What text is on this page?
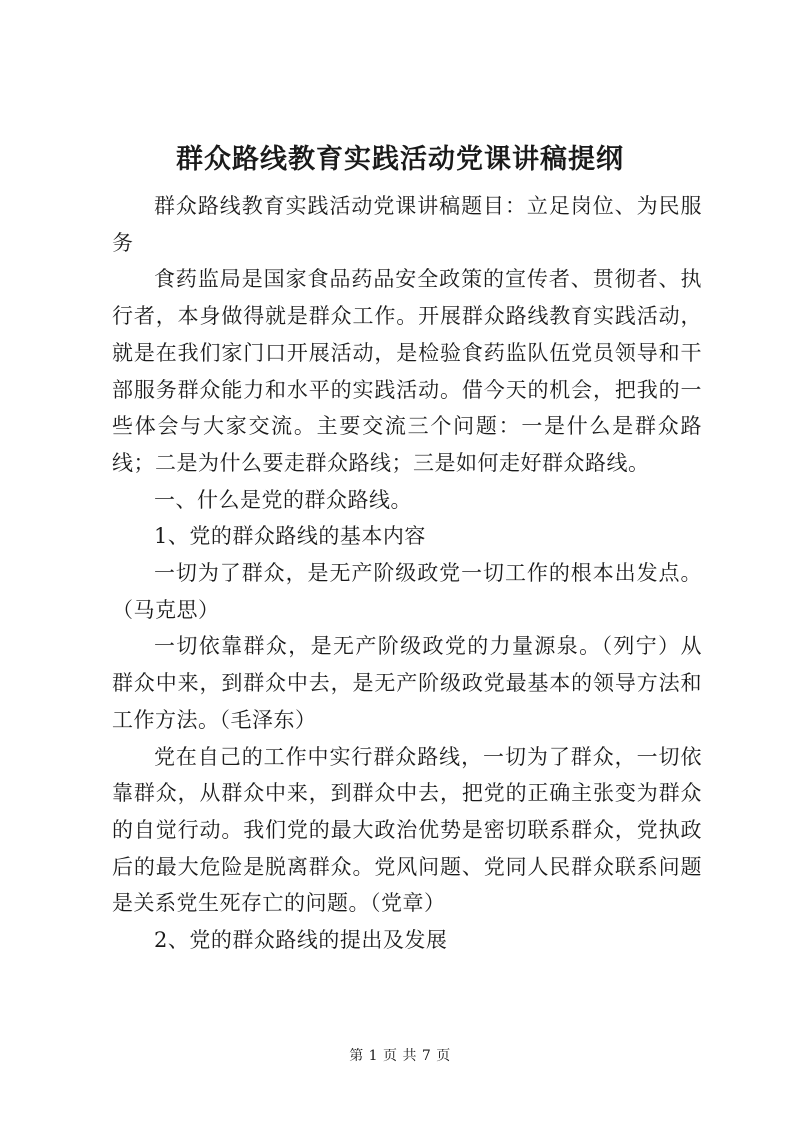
群众路线教育实践活动党课讲稿提纲

群众路线教育实践活动党课讲稿题目：立足岗位、为民服务

食药监局是国家食品药品安全政策的宣传者、贯彻者、执行者，本身做得就是群众工作。开展群众路线教育实践活动，就是在我们家门口开展活动，是检验食药监队伍党员领导和干部服务群众能力和水平的实践活动。借今天的机会，把我的一些体会与大家交流。主要交流三个问题：一是什么是群众路线；二是为什么要走群众路线；三是如何走好群众路线。

一、什么是党的群众路线。

1、党的群众路线的基本内容

一切为了群众，是无产阶级政党一切工作的根本出发点。（马克思）

一切依靠群众，是无产阶级政党的力量源泉。（列宁）从群众中来，到群众中去，是无产阶级政党最基本的领导方法和工作方法。（毛泽东）

党在自己的工作中实行群众路线，一切为了群众，一切依靠群众，从群众中来，到群众中去，把党的正确主张变为群众的自觉行动。我们党的最大政治优势是密切联系群众，党执政后的最大危险是脱离群众。党风问题、党同人民群众联系问题是关系党生死存亡的问题。（党章）

2、党的群众路线的提出及发展

第 1 页 共 7 页
